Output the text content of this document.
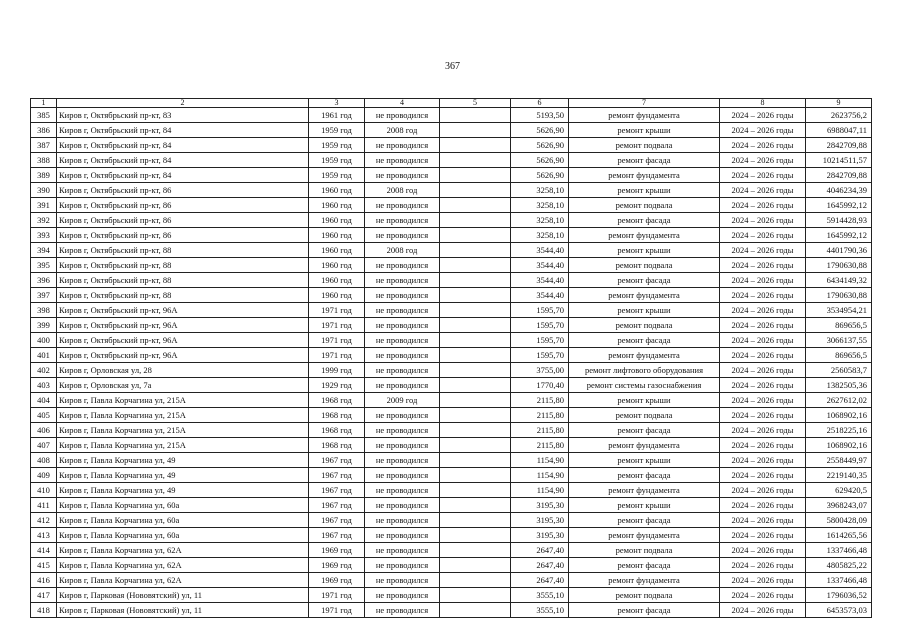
367
1	2	3	4	5	6	7	8	9
385	Киров г, Октябрьский пр-кт, 83	1961 год	не проводился		5193,50	ремонт фундамента	2024 – 2026 годы	2623756,2
386	Киров г, Октябрьский пр-кт, 84	1959 год	2008 год		5626,90	ремонт крыши	2024 – 2026 годы	6988047,11
387	Киров г, Октябрьский пр-кт, 84	1959 год	не проводился		5626,90	ремонт подвала	2024 – 2026 годы	2842709,88
388	Киров г, Октябрьский пр-кт, 84	1959 год	не проводился		5626,90	ремонт фасада	2024 – 2026 годы	10214511,57
389	Киров г, Октябрьский пр-кт, 84	1959 год	не проводился		5626,90	ремонт фундамента	2024 – 2026 годы	2842709,88
390	Киров г, Октябрьский пр-кт, 86	1960 год	2008 год		3258,10	ремонт крыши	2024 – 2026 годы	4046234,39
391	Киров г, Октябрьский пр-кт, 86	1960 год	не проводился		3258,10	ремонт подвала	2024 – 2026 годы	1645992,12
392	Киров г, Октябрьский пр-кт, 86	1960 год	не проводился		3258,10	ремонт фасада	2024 – 2026 годы	5914428,93
393	Киров г, Октябрьский пр-кт, 86	1960 год	не проводился		3258,10	ремонт фундамента	2024 – 2026 годы	1645992,12
394	Киров г, Октябрьский пр-кт, 88	1960 год	2008 год		3544,40	ремонт крыши	2024 – 2026 годы	4401790,36
395	Киров г, Октябрьский пр-кт, 88	1960 год	не проводился		3544,40	ремонт подвала	2024 – 2026 годы	1790630,88
396	Киров г, Октябрьский пр-кт, 88	1960 год	не проводился		3544,40	ремонт фасада	2024 – 2026 годы	6434149,32
397	Киров г, Октябрьский пр-кт, 88	1960 год	не проводился		3544,40	ремонт фундамента	2024 – 2026 годы	1790630,88
398	Киров г, Октябрьский пр-кт, 96А	1971 год	не проводился		1595,70	ремонт крыши	2024 – 2026 годы	3534954,21
399	Киров г, Октябрьский пр-кт, 96А	1971 год	не проводился		1595,70	ремонт подвала	2024 – 2026 годы	869656,5
400	Киров г, Октябрьский пр-кт, 96А	1971 год	не проводился		1595,70	ремонт фасада	2024 – 2026 годы	3066137,55
401	Киров г, Октябрьский пр-кт, 96А	1971 год	не проводился		1595,70	ремонт фундамента	2024 – 2026 годы	869656,5
402	Киров г, Орловская ул, 28	1999 год	не проводился		3755,00	ремонт лифтового оборудования	2024 – 2026 годы	2560583,7
403	Киров г, Орловская ул, 7а	1929 год	не проводился		1770,40	ремонт системы газоснабжения	2024 – 2026 годы	1382505,36
404	Киров г, Павла Корчагина ул, 215А	1968 год	2009 год		2115,80	ремонт крыши	2024 – 2026 годы	2627612,02
405	Киров г, Павла Корчагина ул, 215А	1968 год	не проводился		2115,80	ремонт подвала	2024 – 2026 годы	1068902,16
406	Киров г, Павла Корчагина ул, 215А	1968 год	не проводился		2115,80	ремонт фасада	2024 – 2026 годы	2518225,16
407	Киров г, Павла Корчагина ул, 215А	1968 год	не проводился		2115,80	ремонт фундамента	2024 – 2026 годы	1068902,16
408	Киров г, Павла Корчагина ул, 49	1967 год	не проводился		1154,90	ремонт крыши	2024 – 2026 годы	2558449,97
409	Киров г, Павла Корчагина ул, 49	1967 год	не проводился		1154,90	ремонт фасада	2024 – 2026 годы	2219140,35
410	Киров г, Павла Корчагина ул, 49	1967 год	не проводился		1154,90	ремонт фундамента	2024 – 2026 годы	629420,5
411	Киров г, Павла Корчагина ул, 60а	1967 год	не проводился		3195,30	ремонт крыши	2024 – 2026 годы	3968243,07
412	Киров г, Павла Корчагина ул, 60а	1967 год	не проводился		3195,30	ремонт фасада	2024 – 2026 годы	5800428,09
413	Киров г, Павла Корчагина ул, 60а	1967 год	не проводился		3195,30	ремонт фундамента	2024 – 2026 годы	1614265,56
414	Киров г, Павла Корчагина ул, 62А	1969 год	не проводился		2647,40	ремонт подвала	2024 – 2026 годы	1337466,48
415	Киров г, Павла Корчагина ул, 62А	1969 год	не проводился		2647,40	ремонт фасада	2024 – 2026 годы	4805825,22
416	Киров г, Павла Корчагина ул, 62А	1969 год	не проводился		2647,40	ремонт фундамента	2024 – 2026 годы	1337466,48
417	Киров г, Парковая (Нововятский) ул, 11	1971 год	не проводился		3555,10	ремонт подвала	2024 – 2026 годы	1796036,52
418	Киров г, Парковая (Нововятский) ул, 11	1971 год	не проводился		3555,10	ремонт фасада	2024 – 2026 годы	6453573,03
